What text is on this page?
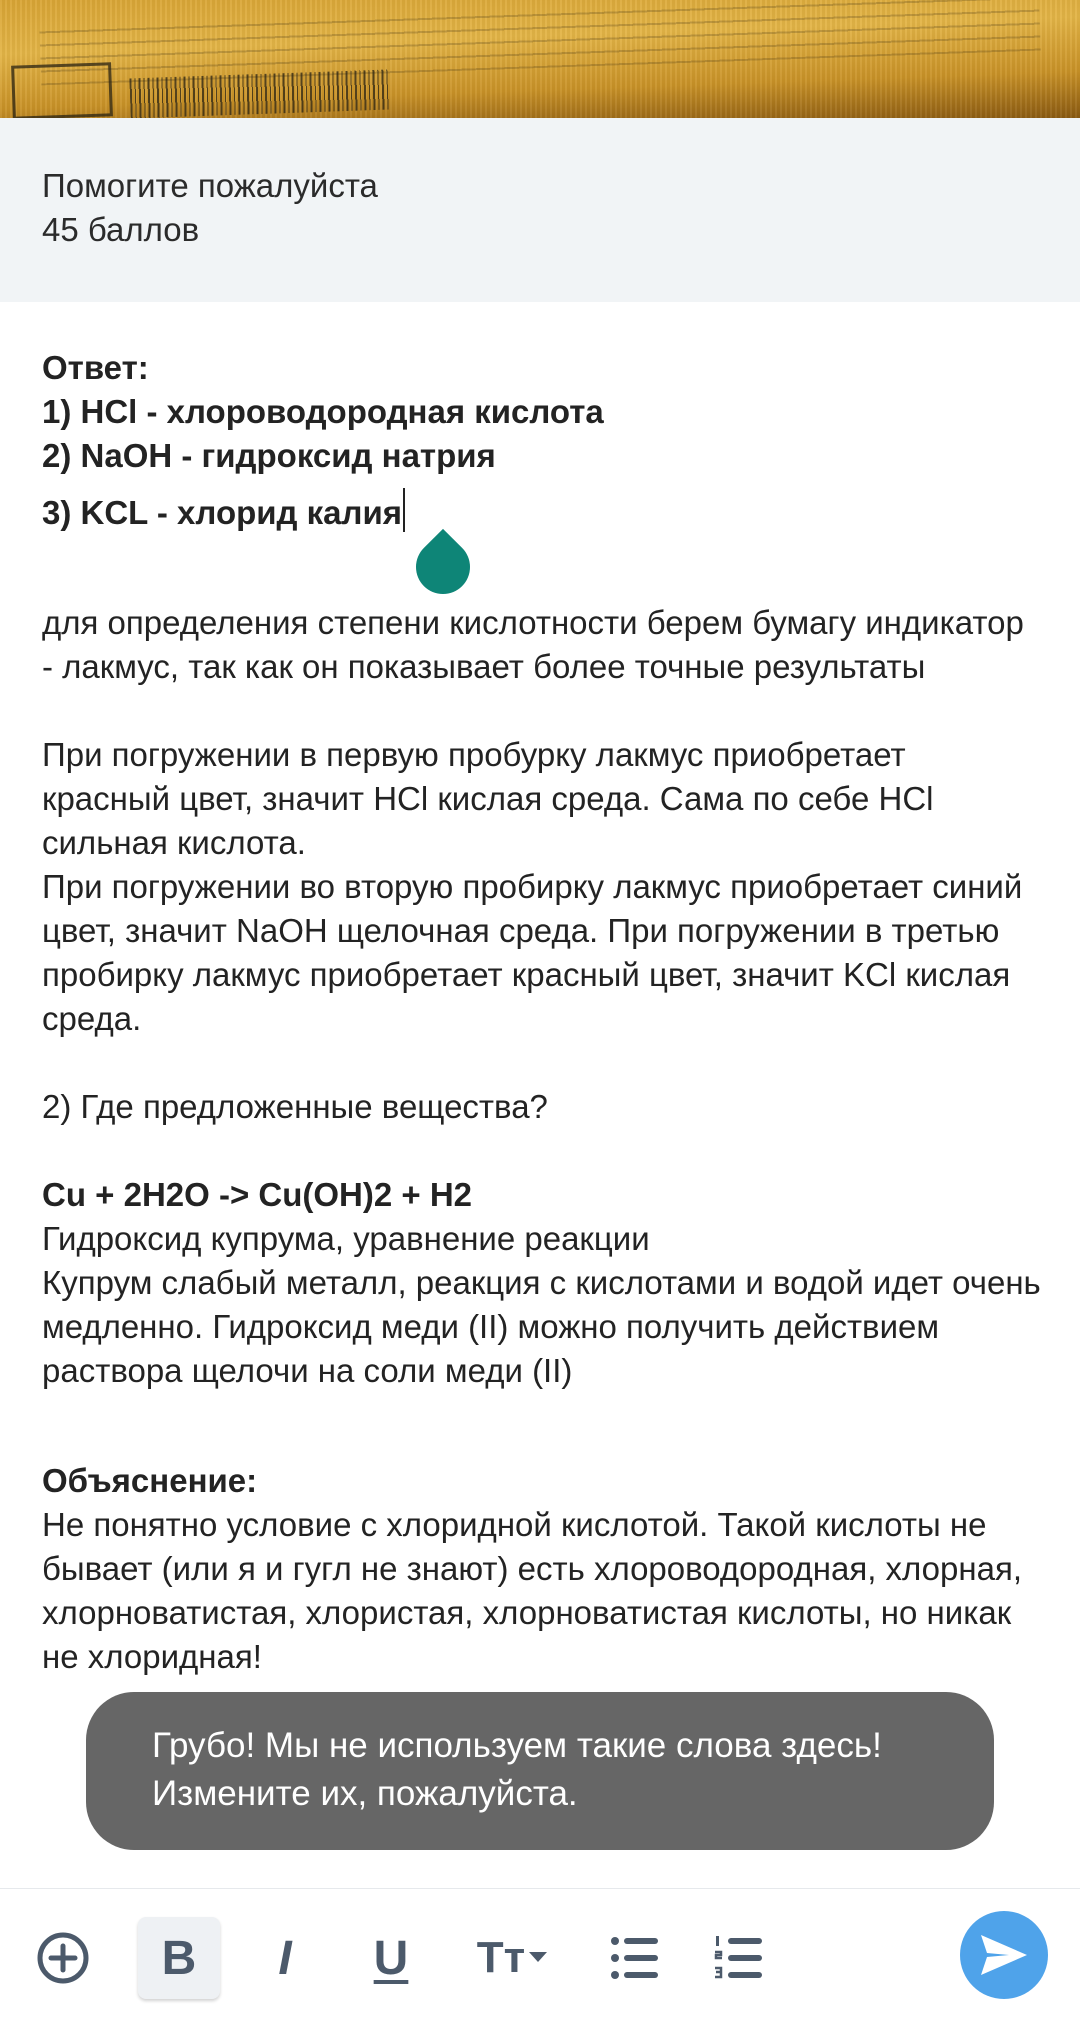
Помогите пожалуйста
45 баллов

Ответ:
1) HCl - хлороводородная кислота
2) NaOH - гидроксид натрия
3) KCL - хлорид калия
для определения степени кислотности берем бумагу индикатор - лакмус, так как он показывает более точные результаты
При погружении в первую пробурку лакмус приобретает красный цвет, значит HCl кислая среда. Сама по себе HCl сильная кислота.
При погружении во вторую пробирку лакмус приобретает синий цвет, значит NaOH щелочная среда. При погружении в третью пробирку лакмус приобретает красный цвет, значит KCl кислая среда.
2) Где предложенные вещества?
Cu + 2H2O -> Cu(OH)2 + H2
Гидроксид купрума, уравнение реакции
Купрум слабый металл, реакция с кислотами и водой идет очень медленно. Гидроксид меди (II) можно получить действием раствора щелочи на соли меди (II)
Объяснение:
Не понятно условие с хлоридной кислотой. Такой кислоты не бывает (или я и гугл не знают) есть хлороводородная, хлорная, хлорноватистая, хлористая, хлорноватистая кислоты, но никак не хлоридная!
Грубо! Мы не используем такие слова здесь! Измените их, пожалуйста.
B I U Tт
